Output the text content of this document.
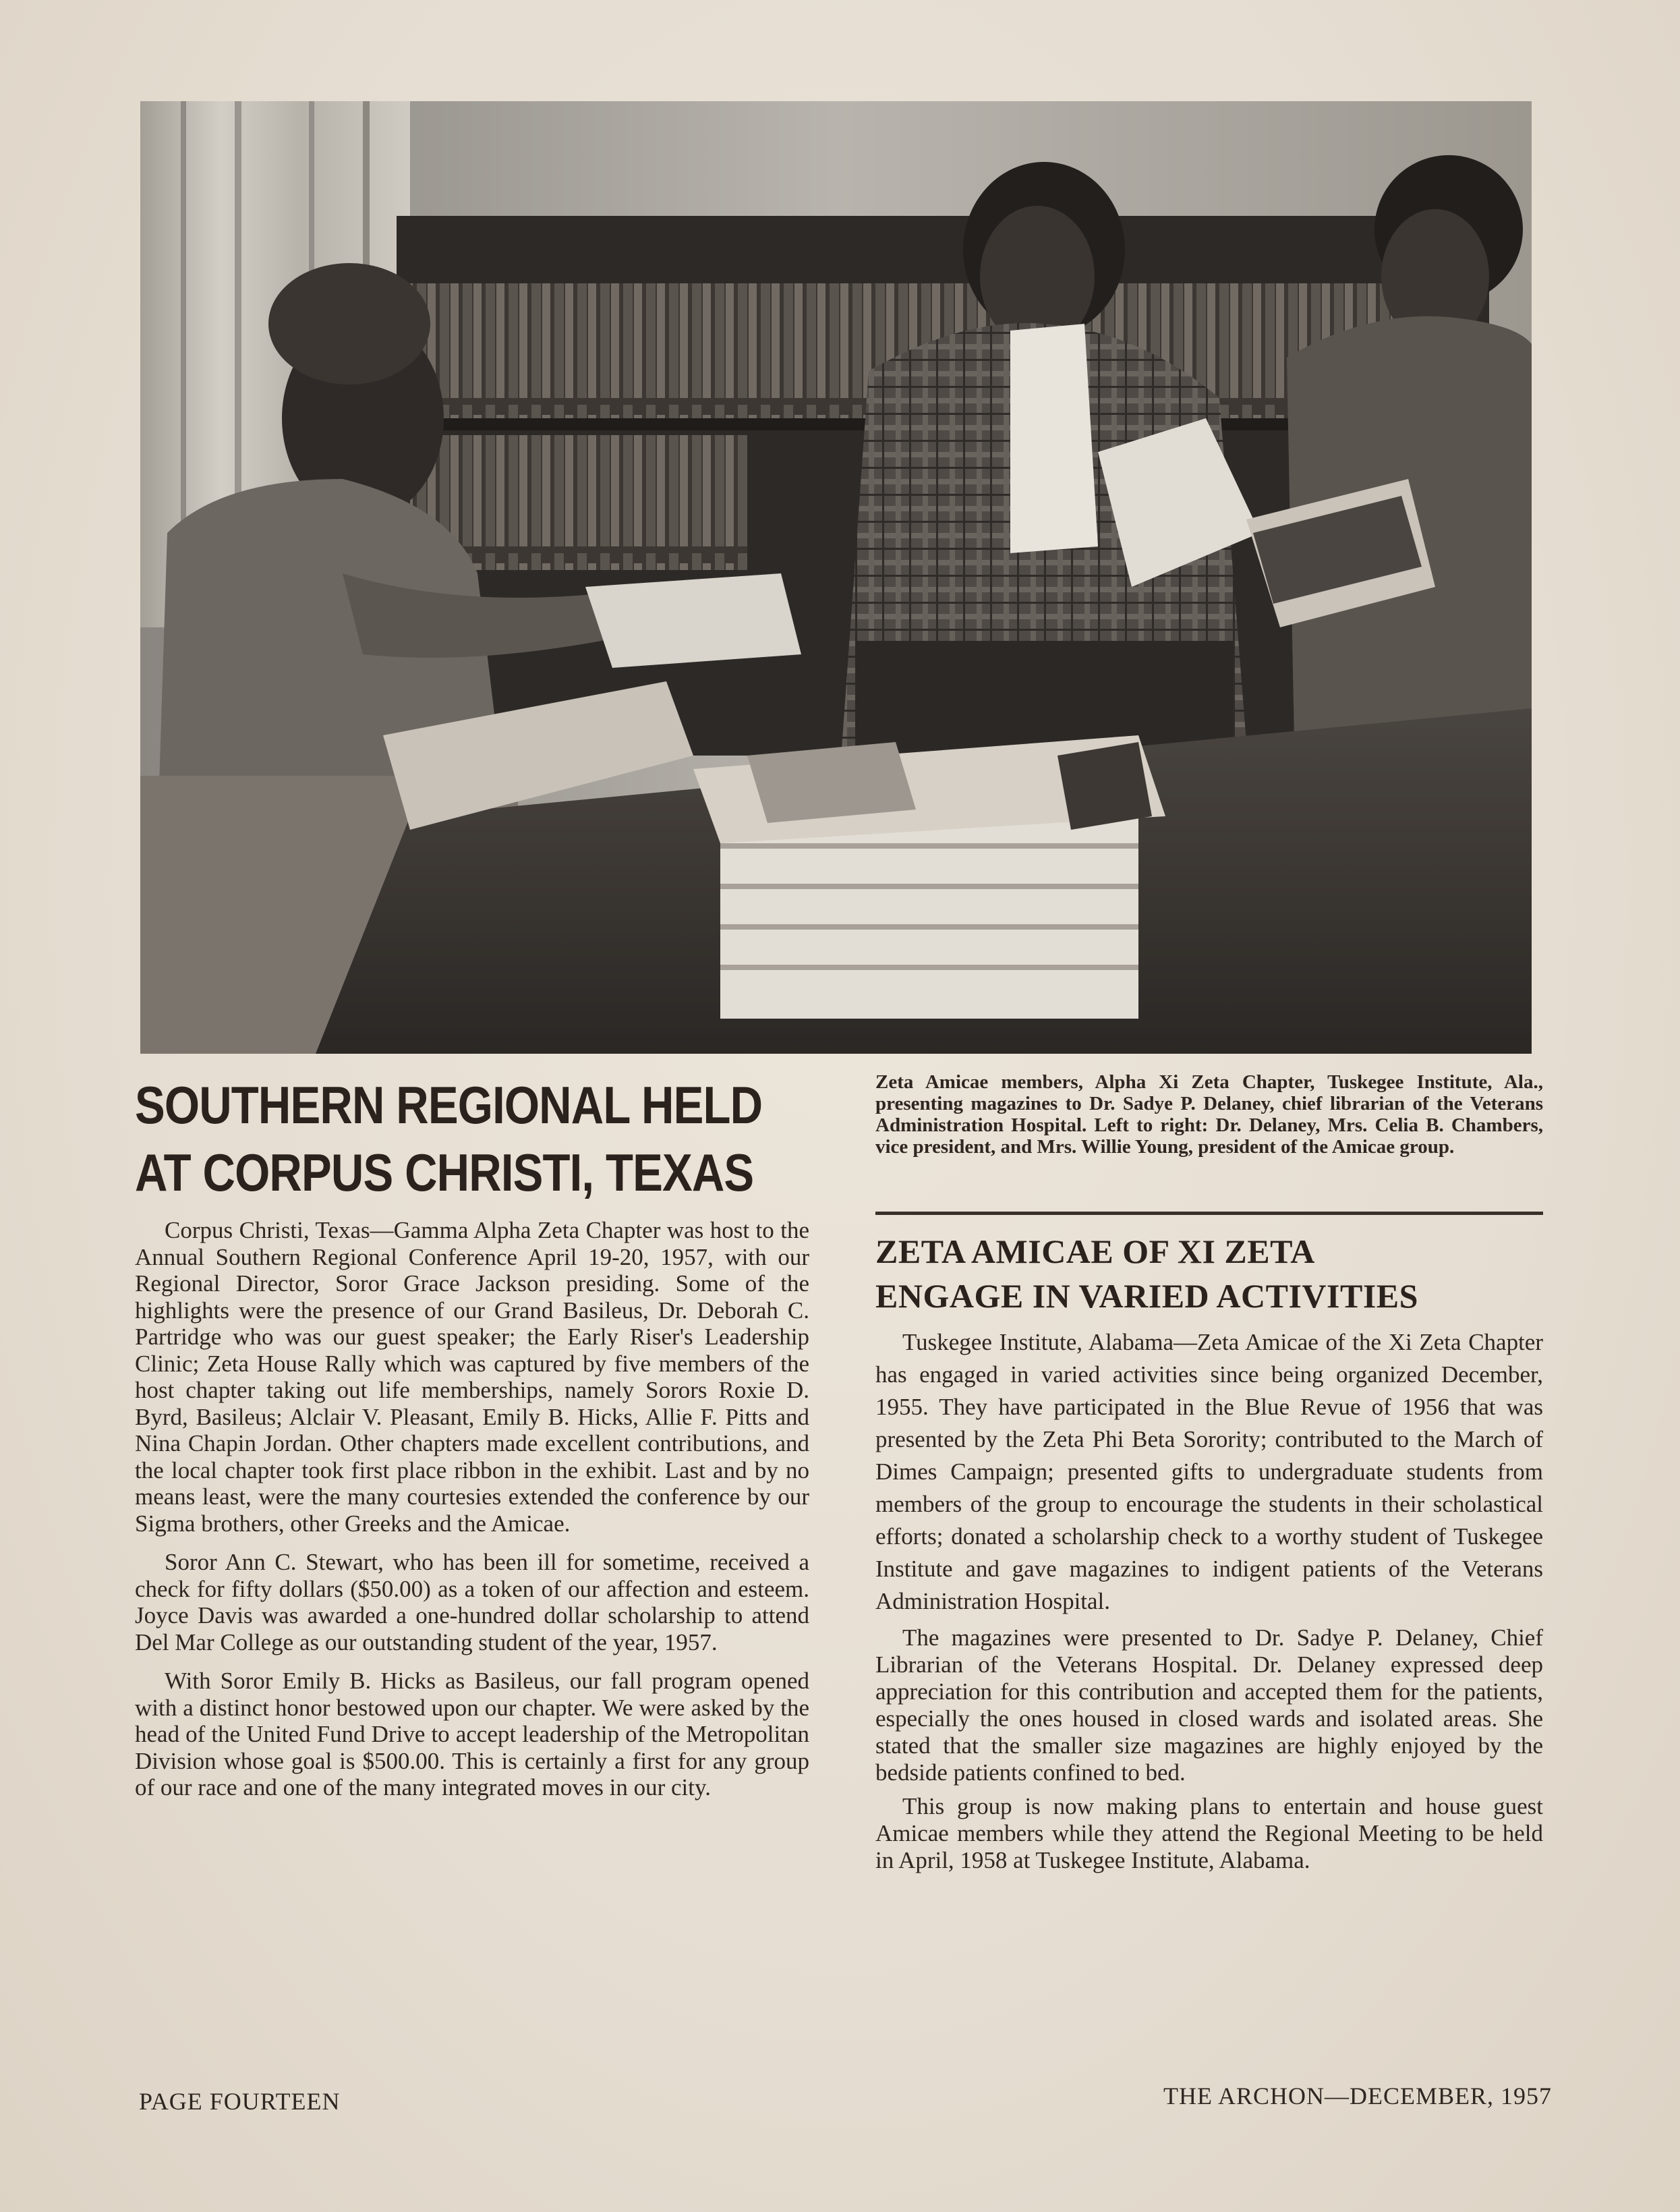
SOUTHERN REGIONAL HELD
AT CORPUS CHRISTI, TEXAS

Corpus Christi, Texas—Gamma Alpha Zeta Chapter was host to the Annual Southern Regional Conference April 19-20, 1957, with our Regional Director, Soror Grace Jackson presiding. Some of the highlights were the presence of our Grand Basileus, Dr. Deborah C. Partridge who was our guest speaker; the Early Riser's Leadership Clinic; Zeta House Rally which was captured by five members of the host chapter taking out life memberships, namely Sorors Roxie D. Byrd, Basileus; Alclair V. Pleasant, Emily B. Hicks, Allie F. Pitts and Nina Chapin Jordan. Other chapters made excellent contributions, and the local chapter took first place ribbon in the exhibit. Last and by no means least, were the many courtesies extended the conference by our Sigma brothers, other Greeks and the Amicae.

Soror Ann C. Stewart, who has been ill for sometime, received a check for fifty dollars ($50.00) as a token of our affection and esteem. Joyce Davis was awarded a one-hundred dollar scholarship to attend Del Mar College as our outstanding student of the year, 1957.

With Soror Emily B. Hicks as Basileus, our fall program opened with a distinct honor bestowed upon our chapter. We were asked by the head of the United Fund Drive to accept leadership of the Metropolitan Division whose goal is $500.00. This is certainly a first for any group of our race and one of the many integrated moves in our city.

Zeta Amicae members, Alpha Xi Zeta Chapter, Tuskegee Institute, Ala., presenting magazines to Dr. Sadye P. Delaney, chief librarian of the Veterans Administration Hospital. Left to right: Dr. Delaney, Mrs. Celia B. Chambers, vice president, and Mrs. Willie Young, president of the Amicae group.

ZETA AMICAE OF XI ZETA
ENGAGE IN VARIED ACTIVITIES

Tuskegee Institute, Alabama—Zeta Amicae of the Xi Zeta Chapter has engaged in varied activities since being organized December, 1955. They have participated in the Blue Revue of 1956 that was presented by the Zeta Phi Beta Sorority; contributed to the March of Dimes Campaign; presented gifts to undergraduate students from members of the group to encourage the students in their scholastical efforts; donated a scholarship check to a worthy student of Tuskegee Institute and gave magazines to indigent patients of the Veterans Administration Hospital.

The magazines were presented to Dr. Sadye P. Delaney, Chief Librarian of the Veterans Hospital. Dr. Delaney expressed deep appreciation for this contribution and accepted them for the patients, especially the ones housed in closed wards and isolated areas. She stated that the smaller size magazines are highly enjoyed by the bedside patients confined to bed.

This group is now making plans to entertain and house guest Amicae members while they attend the Regional Meeting to be held in April, 1958 at Tuskegee Institute, Alabama.

PAGE FOURTEEN	THE ARCHON—DECEMBER, 1957
